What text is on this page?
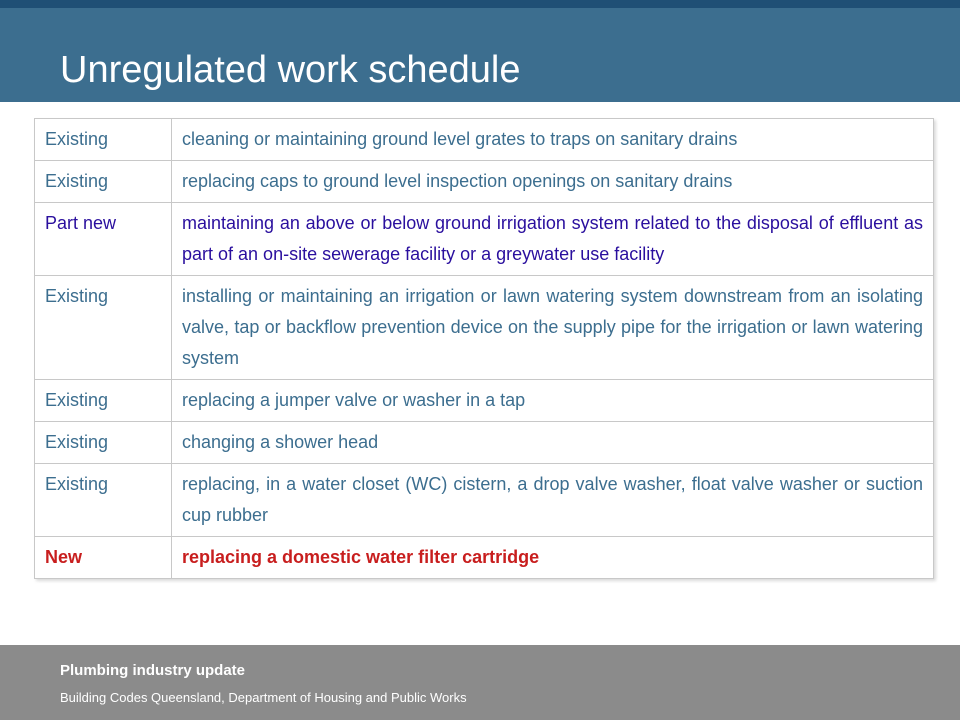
Unregulated work schedule
Existing	cleaning or maintaining ground level grates to traps on sanitary drains
Existing	replacing caps to ground level inspection openings on sanitary drains
Part new	maintaining an above or below ground irrigation system related to the disposal of effluent as part of an on-site sewerage facility or a greywater use facility
Existing	installing or maintaining an irrigation or lawn watering system downstream from an isolating valve, tap or backflow prevention device on the supply pipe for the irrigation or lawn watering system
Existing	replacing a jumper valve or washer in a tap
Existing	changing a shower head
Existing	replacing, in a water closet (WC) cistern, a drop valve washer, float valve washer or suction cup rubber
New	replacing a domestic water filter cartridge
Plumbing industry update
Building Codes Queensland, Department of Housing and Public Works
